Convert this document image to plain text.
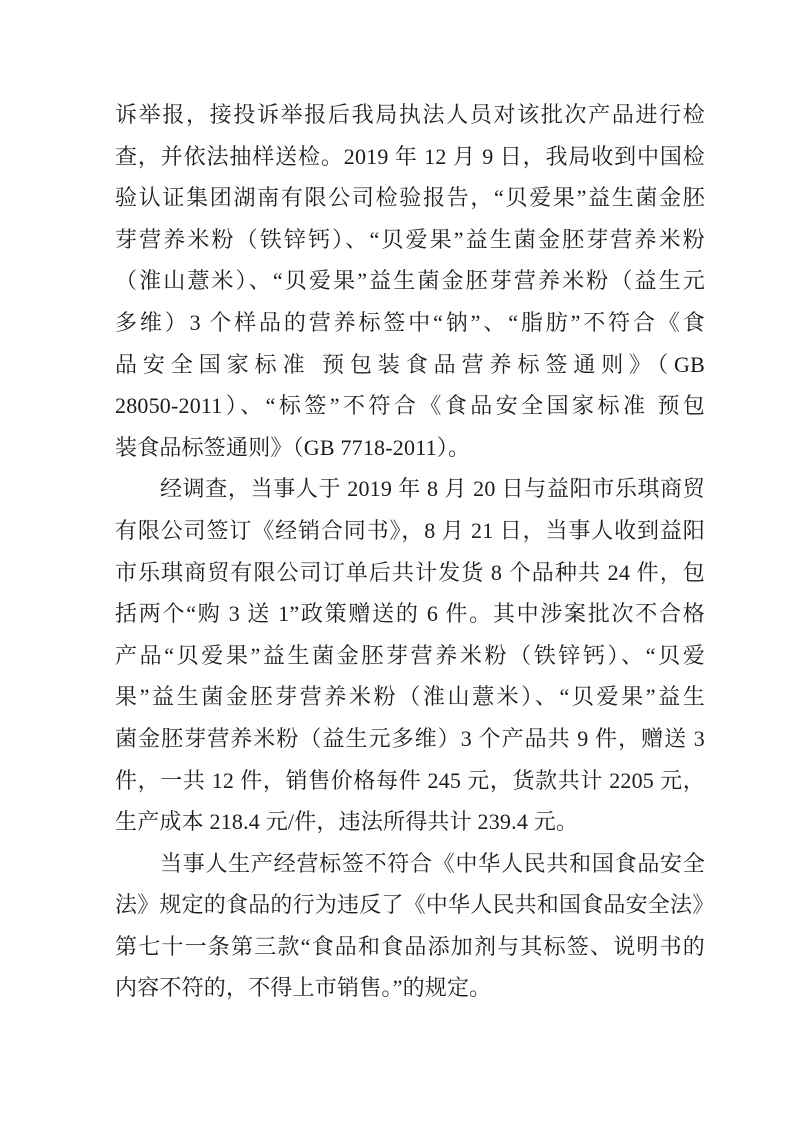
诉举报，接投诉举报后我局执法人员对该批次产品进行检
查，并依法抽样送检。2019 年 12 月 9 日，我局收到中国检
验认证集团湖南有限公司检验报告，“贝爱果”益生菌金胚
芽营养米粉（铁锌钙）、“贝爱果”益生菌金胚芽营养米粉
（淮山薏米）、“贝爱果”益生菌金胚芽营养米粉（益生元
多维）3 个样品的营养标签中“钠”、“脂肪”不符合《食
品安全国家标准 预包装食品营养标签通则》（GB
28050-2011）、“标签”不符合《食品安全国家标准 预包
装食品标签通则》（GB 7718-2011）。
经调查，当事人于 2019 年 8 月 20 日与益阳市乐琪商贸
有限公司签订《经销合同书》，8 月 21 日，当事人收到益阳
市乐琪商贸有限公司订单后共计发货 8 个品种共 24 件，包
括两个“购 3 送 1”政策赠送的 6 件。其中涉案批次不合格
产品“贝爱果”益生菌金胚芽营养米粉（铁锌钙）、“贝爱
果”益生菌金胚芽营养米粉（淮山薏米）、“贝爱果”益生
菌金胚芽营养米粉（益生元多维）3 个产品共 9 件，赠送 3
件，一共 12 件，销售价格每件 245 元，货款共计 2205 元，
生产成本 218.4 元/件，违法所得共计 239.4 元。
当事人生产经营标签不符合《中华人民共和国食品安全
法》规定的食品的行为违反了《中华人民共和国食品安全法》
第七十一条第三款“食品和食品添加剂与其标签、说明书的
内容不符的，不得上市销售。”的规定。
